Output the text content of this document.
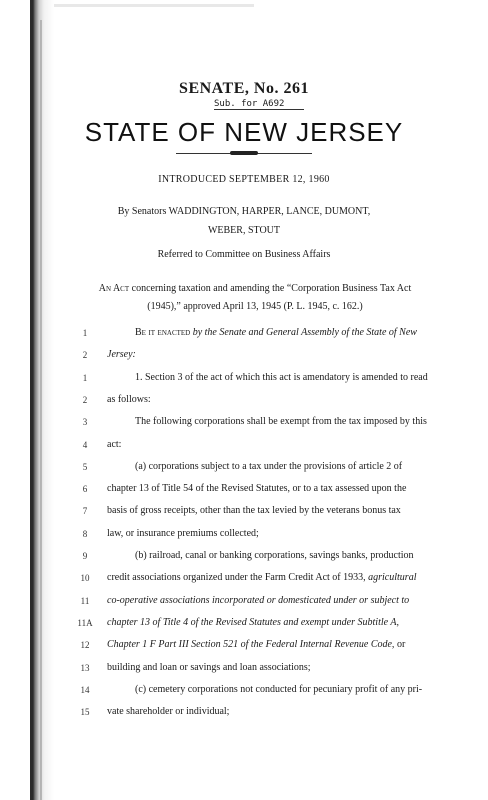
SENATE, No. 261
Sub. for A692
STATE OF NEW JERSEY
INTRODUCED SEPTEMBER 12, 1960
By Senators WADDINGTON, HARPER, LANCE, DUMONT,
WEBER, STOUT
Referred to Committee on Business Affairs
An Act concerning taxation and amending the “Corporation Business Tax Act
(1945),” approved April 13, 1945 (P. L. 1945, c. 162.)
1	Be it enacted by the Senate and General Assembly of the State of New
2	Jersey:
1	1. Section 3 of the act of which this act is amendatory is amended to read
2	as follows:
3	The following corporations shall be exempt from the tax imposed by this
4	act:
5	(a) corporations subject to a tax under the provisions of article 2 of
6	chapter 13 of Title 54 of the Revised Statutes, or to a tax assessed upon the
7	basis of gross receipts, other than the tax levied by the veterans bonus tax
8	law, or insurance premiums collected;
9	(b) railroad, canal or banking corporations, savings banks, production
10	credit associations organized under the Farm Credit Act of 1933, agricultural
11	co-operative associations incorporated or domesticated under or subject to
11A	chapter 13 of Title 4 of the Revised Statutes and exempt under Subtitle A,
12	Chapter 1 F Part III Section 521 of the Federal Internal Revenue Code, or
13	building and loan or savings and loan associations;
14	(c) cemetery corporations not conducted for pecuniary profit of any pri-
15	vate shareholder or individual;
